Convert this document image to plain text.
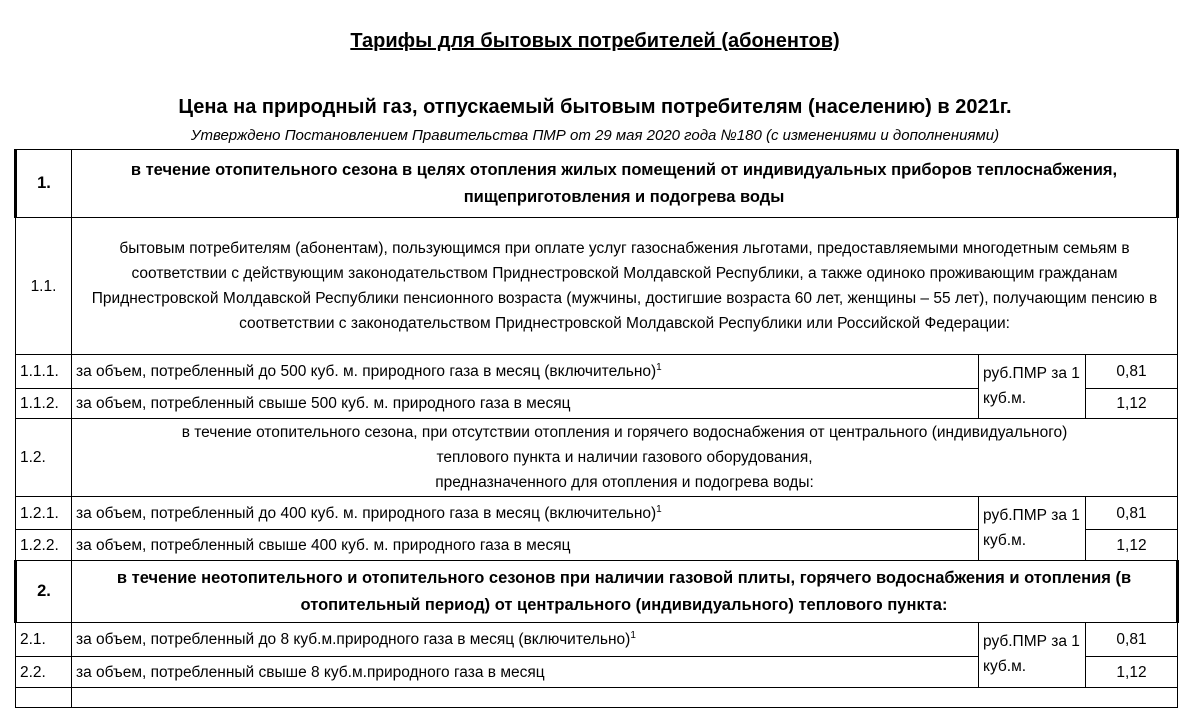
Тарифы для бытовых потребителей (абонентов)
Цена на природный газ, отпускаемый бытовым потребителям (населению) в 2021г.
Утверждено Постановлением Правительства ПМР от 29 мая 2020 года №180 (с изменениями и дополнениями)
1.	в течение отопительного сезона в целях отопления жилых помещений от индивидуальных приборов теплоснабжения, пищеприготовления и подогрева воды		
1.1.	бытовым потребителям (абонентам), пользующимся при оплате услуг газоснабжения льготами, предоставляемыми многодетным семьям в соответствии с действующим законодательством Приднестровской Молдавской Республики, а также одиноко проживающим гражданам Приднестровской Молдавской Республики пенсионного возраста (мужчины, достигшие возраста 60 лет, женщины – 55 лет), получающим пенсию в соответствии с законодательством Приднестровской Молдавской Республики или Российской Федерации:		
1.1.1.	за объем, потребленный до 500 куб. м. природного газа в месяц (включительно)$^1$	руб.ПМР за 1 куб.м.	0,81
1.1.2.	за объем, потребленный свыше 500 куб. м. природного газа в месяц		1,12
1.2.	в течение отопительного сезона, при отсутствии отопления и горячего водоснабжения от центрального (индивидуального)
теплового пункта и наличии газового оборудования,
предназначенного для отопления и подогрева воды:		

1.2.1.	за объем, потребленный до 400 куб. м. природного газа в месяц (включительно)$^1$	руб.ПМР за 1 куб.м.	0,81
1.2.2.	за объем, потребленный свыше 400 куб. м. природного газа в месяц		1,12
2.	в течение неотопительного и отопительного сезонов при наличии газовой плиты, горячего водоснабжения и отопления (в отопительный период) от центрального (индивидуального) теплового пункта:		
2.1.	за объем, потребленный до 8 куб.м.природного газа в месяц (включительно)$^1$	руб.ПМР за 1 куб.м.	0,81
2.2.	за объем, потребленный свыше 8 куб.м.природного газа в месяц		1,12
